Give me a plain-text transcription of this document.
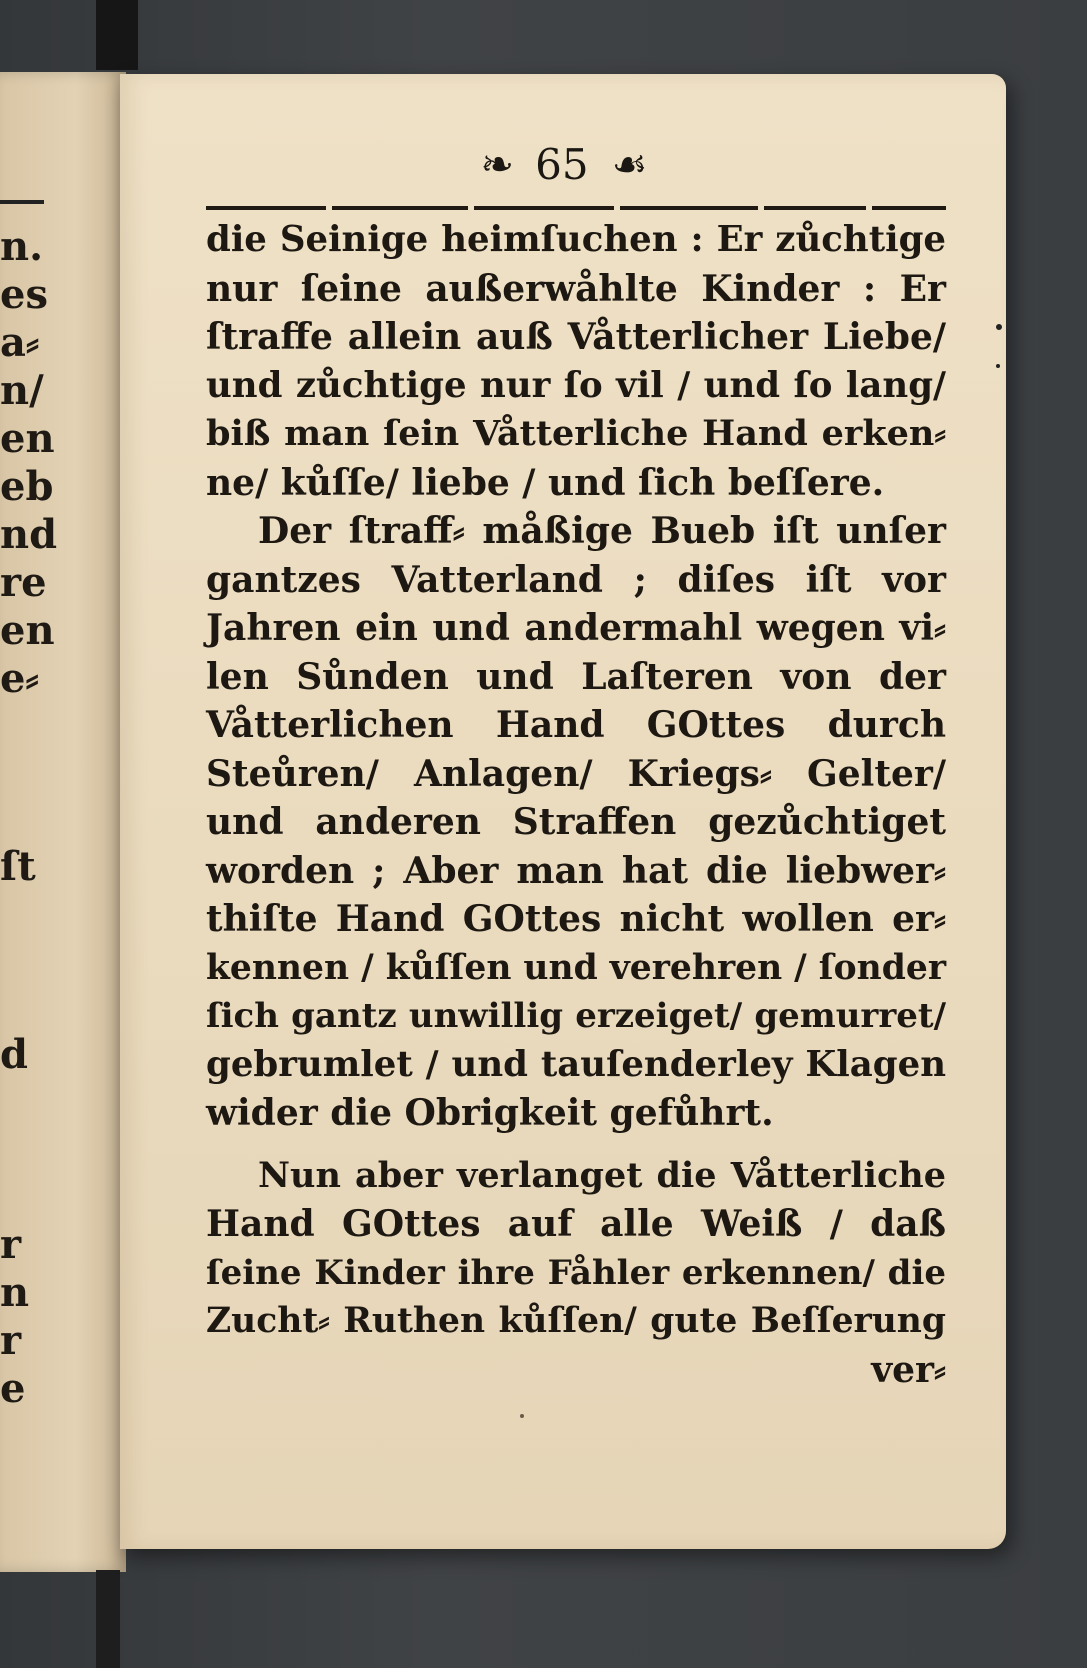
n.
es
a⸗
n/
en
eb
nd
re
en
e⸗
ſt
d
r
n
r
e
❧ 65 ☙
die Seinige heimſuchen : Er zůchtige
nur ſeine außerwåhlte Kinder : Er
ſtraffe allein auß Våtterlicher Liebe/
und zůchtige nur ſo vil / und ſo lang/
biß man ſein Våtterliche Hand erken⸗
ne/ kůſſe/ liebe / und ſich beſſere.
Der ſtraff⸗ måßige Bueb iſt unſer
gantzes Vatterland ; diſes iſt vor
Jahren ein und andermahl wegen vi⸗
len Sůnden und Laſteren von der
Våtterlichen Hand GOttes durch
Steůren/ Anlagen/ Kriegs⸗ Gelter/
und anderen Straffen gezůchtiget
worden ; Aber man hat die liebwer⸗
thiſte Hand GOttes nicht wollen er⸗
kennen / kůſſen und verehren / ſonder
ſich gantz unwillig erzeiget/ gemurret/
gebrumlet / und tauſenderley Klagen
wider die Obrigkeit gefůhrt.
Nun aber verlanget die Våtterliche
Hand GOttes auf alle Weiß / daß
ſeine Kinder ihre Fåhler erkennen/ die
Zucht⸗ Ruthen kůſſen/ gute Beſſerung
ver⸗
